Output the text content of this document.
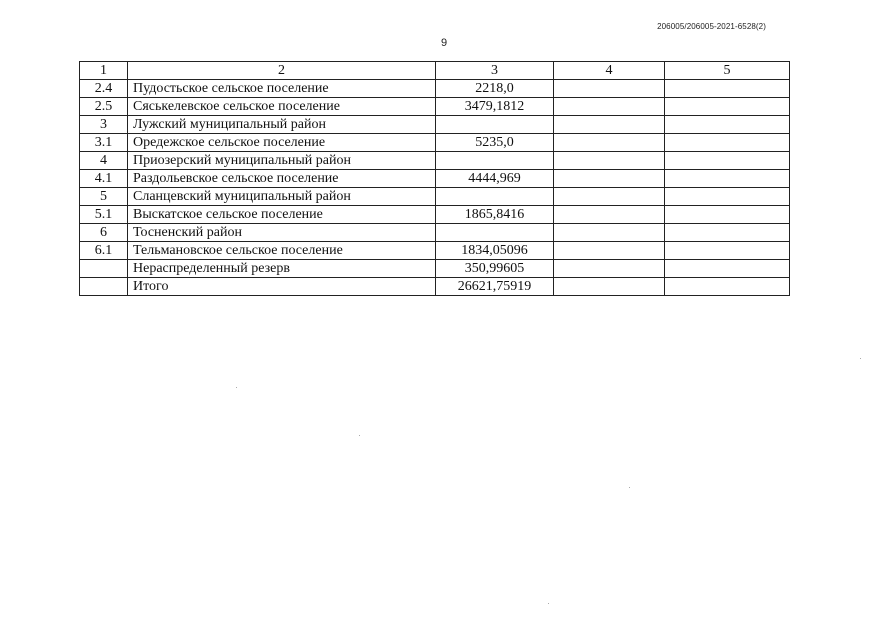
206005/206005-2021-6528(2)
9
1	2	3	4	5
2.4	Пудостьское сельское поселение	2218,0		
2.5	Сяськелевское сельское поселение	3479,1812		
3	Лужский муниципальный район			
3.1	Оредежское сельское поселение	5235,0		
4	Приозерский муниципальный район			
4.1	Раздольевское сельское поселение	4444,969		
5	Сланцевский муниципальный район			
5.1	Выскатское сельское поселение	1865,8416		
6	Тосненский район			
6.1	Тельмановское сельское поселение	1834,05096		
	Нераспределенный резерв	350,99605		
	Итого	26621,75919		
